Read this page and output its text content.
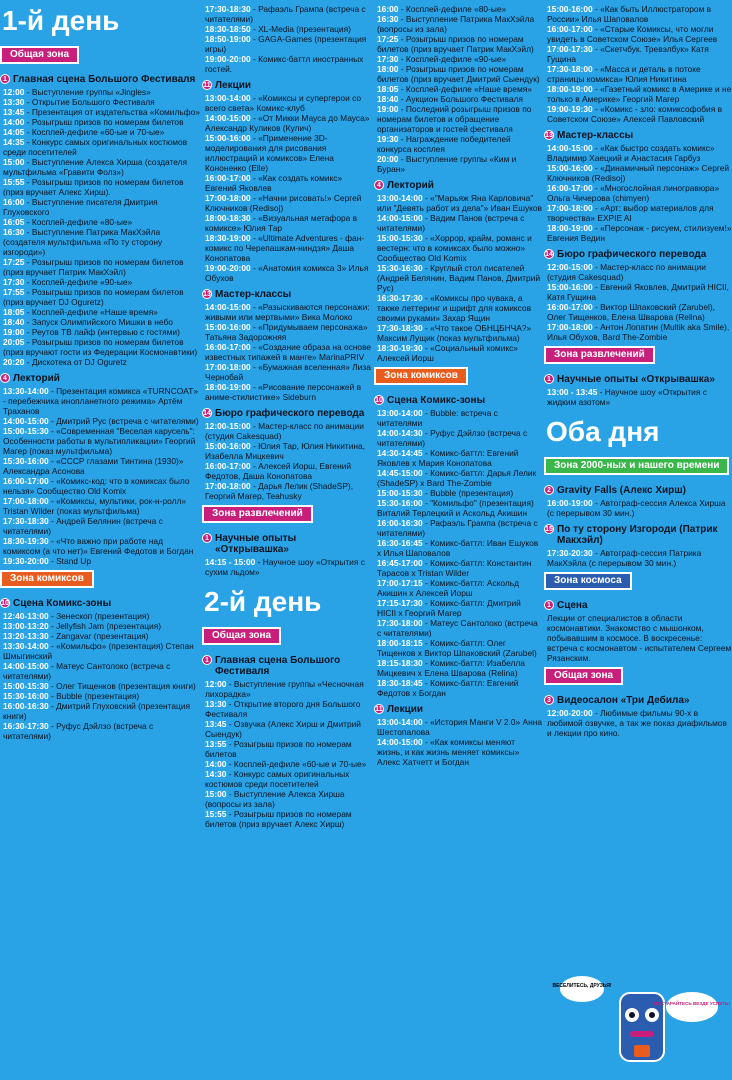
1-й день
Общая зона
1 Главная сцена Большого Фестиваля
12:00 - Выступление группы «Jingles»
13:30 - Открытие Большого Фестиваля
13:45 - Презентация от издательства «Комильфо»
14:00 - Розыгрыш призов по номерам билетов
14:05 - Косплей-дефиле «60-ые и 70-ые»
14:35 - Конкурс самых оригинальных костюмов среди посетителей
15:00 - Выступление Алекса Хирша (создателя мультфильма «Гравити Фолз»)
15:55 - Розыгрыш призов по номерам билетов (приз вручает Алекс Хирш).
16:00 - Выступление писателя Дмитрия Глуховского
16:05 - Косплей-дефиле «80-ые»
16:30 - Выступление Патрика МакХэйла (создателя мультфильма «По ту сторону изгороди»)
17:25 - Розыгрыш призов по номерам билетов (приз вручает Патрик МакХэйл)
17:30 - Косплей-дефиле «90-ые»
17:55 - Розыгрыш призов по номерам билетов (приз вручает DJ Oguretz)
18:05 - Косплей-дефиле «Наше время»
18:40 - Запуск Олимпийского Мишки в небо
19:00 - Реутов ТВ лайф (интервью с гостями)
20:05 - Розыгрыш призов по номерам билетов (приз вручают гости из Федерации Космонавтики)
20:20 - Дискотека от DJ Oguretz
4 Лекторий
13:30-14:00 - Презентация комикса «TURNCOAT» - перебежчика инопланетного режима» Артём Траханов
14:00-15:00 - Дмитрий Рус (встреча с читателями)
15:00-15:30 - «Современная "Веселая карусель": Особенности работы в мультипликации» Георгий Магер (показ мультфильма)
15:30-16:00 - «СССР глазами Тинтина (1930)» Александра Асонова
16:00-17:00 - «Комикс-код: что в комиксах было нельзя» Сообщество Old Komix
17:00-18:00 - «Комиксы, мультики, рок-н-ролл» Tristan Wilder (показ мультфильма)
17:30-18:30 - Андрей Белянин (встреча с читателями)
18:30-19:30 - «Что важно при работе над комиксом (а что нет)» Евгений Федотов и Богдан
19:30-20:00 - Stand Up
Зона комиксов
10 Сцена Комикс-зоны
12:40-13:00 - Зенескоп (презентация)
13:00-13:20 - Jellyfish Jam (презентация)
13:20-13:30 - Zangavar (презентация)
13:30-14:00 - «Комильфо» (презентация) Степан Шмыгинский
14:00-15:00 - Матеус Сантолоко (встреча с читателями)
15:00-15:30 - Олег Тищенков (презентация книги)
15:30-16:00 - Bubble (презентация)
16:00-16:30 - Дмитрий Глуховский (презентация книги)
16:30-17:30 - Руфус Дэйлзо (встреча с читателями)
17:30-18:30 - Рафаэль Грампа (встреча с читателями)
18:30-18:50 - XL-Media (презентация)
18:50-19:00 - GAGA-Games (презентация игры)
19:00-20:00 - Комикс-баттл иностранных гостей.
11 Лекции
13:00-14:00 - «Комиксы и супергерои со всего света» Комикс-клуб
14:00-15:00 - «От Микки Мауса до Мауса» Александр Куликов (Кулич)
15:00-16:00 - «Применение 3D-моделирования для рисования иллюстраций и комиксов» Елена Кононенко (Elle)
16:00-17:00 - «Как создать комикс» Евгений Яковлев
17:00-18:00 - «Начни рисовать!» Сергей Ключников (Redisoj)
18:00-18:30 - «Визуальная метафора в комиксе» Юлия Тар
18:30-19:00 - «Ultimate Adventures - фан-комикс по Черепашкам-ниндзя» Даша Конопатова
19:00-20:00 - «Анатомия комикса 3» Илья Обухов
13 Мастер-классы
14:00-15:00 - «Разыскиваются персонажи: живыми или мертвыми» Вика Молоко
15:00-16:00 - «Придумываем персонажа» Татьяна Задорожняя
16:00-17:00 - «Создание образа на основе известных типажей в манге» MarinaPRIV
17:00-18:00 - «Бумажная вселенная» Лиза Чернобай
18:00-19:00 - «Рисование персонажей в аниме-стилистике» Sideburn
14 Бюро графического перевода
12:00-15:00 - Мастер-класс по анимации (студия Cakesquad)
15:00-16:00 - Юлия Тар, Юлия Никитина, Изабелла Мицкевич
16:00-17:00 - Алексей Иорш, Евгений Федотов, Даша Конопатова
17:00-18:00 - Дарья Лелик (ShadeSP), Георгий Магер, Teahusky
Зона развлечений
1 Научные опыты «Открывашка»
14:15 - 15:00 - Научное шоу «Открытия с сухим льдом»
2-й день
Общая зона
1 Главная сцена Большого Фестиваля
12:00 - Выступление группы «Чесночная лихорадка»
13:30 - Открытие второго дня Большого Фестиваля
13:45 - Озвучка (Алекс Хирш и Дмитрий Сыендук)
13:55 - Розыгрыш призов по номерам билетов
14:00 - Косплей-дефиле «60-ые и 70-ые»
14:30 - Конкурс самых оригинальных костюмов среди посетителей
15:00 - Выступление Алекса Хирша (вопросы из зала)
15:55 - Розыгрыш призов по номерам билетов (приз вручает Алекс Хирш)
16:00 - Косплей-дефиле «80-ые»
16:30 - Выступление Патрика МакХэйла (вопросы из зала)
17:25 - Розыгрыш призов по номерам билетов (приз вручает Патрик МакХэйл)
17:30 - Косплей-дефиле «90-ые»
18:00 - Розыгрыш призов по номерам билетов (приз вручает Дмитрий Сыендук)
18:05 - Косплей-дефиле «Наше время»
18:40 - Аукцион Большого Фестиваля
19:00 - Последний розыгрыш призов по номерам билетов и обращение организаторов и гостей фестиваля
19:30 - Награждение победителей конкурса косплея
20:00 - Выступление группы «Ким и Буран»
4 Лекторий
13:00-14:00 - «"Марьяж Яна Карловича" или "Девять работ из делa"» Иван Ешуков
14:00-15:00 - Вадим Панов (встреча с читателями)
15:00-15:30 - «Хоррор, крайм, романс и вестерн: что в комиксах было можно» Сообщество Old Komix
15:30-16:30 - Круглый стол писателей (Андрей Белянин, Вадим Панов, Дмитрий Рус)
16:30-17:30 - «Комиксы про чувака, а также леттеринг и шрифт для комиксов своими руками» Захар Ящин
17:30-18:30 - «Что такое ОБНЦБНЧА?» Максим Лущик (показ мультфильма)
18:30-19:30 - «Социальный комикс» Алексей Иорш
Зона комиксов
10 Сцена Комикс-зоны
13:00-14:00 - Bubble: встреча с читателями
14:00-14:30 - Руфус Дэйлзо (встреча с читателями)
14:30-14:45 - Комикс-баттл: Евгений Яковлев x Мария Конопатова
14:45-15:00 - Комикс-баттл: Дарья Лелик (ShadeSP) x Bard The-Zombie
15:00-15:30 - Bubble (презентация)
15:30-16:00 - "Комильфо" (презентация) Виталий Терлецкий и Аскольд Акишин
16:00-16:30 - Рафаэль Грампа (встреча с читателями)
16:30-16:45 - Комикс-баттл: Иван Ешуков x Илья Шаповалов
16:45-17:00 - Комикс-баттл: Константин Тарасов x Tristan Wilder
17:00-17:15 - Комикс-баттл: Аскольд Акишин x Алексей Иорш
17:15-17:30 - Комикс-баттл: Дмитрий HICII x Георгий Магер
17:30-18:00 - Матеус Сантолоко (встреча с читателями)
18:00-18:15 - Комикс-баттл: Олег Тищенков x Виктор Шпаковский (Zarubel)
18:15-18:30 - Комикс-баттл: Изабелла Мицкевич x Елена Шварова (Relina)
18:30-18:45 - Комикс-баттл: Евгений Федотов x Богдан
11 Лекции
13:00-14:00 - «История Манги V 2.0» Анна Шестопалова
14:00-15:00 - «Как комиксы меняют жизнь, и как жизнь меняет комиксы» Алекс Хатчетт и Богдан
15:00-16:00 - «Как быть Иллюстратором в России» Илья Шаповалов
16:00-17:00 - «Старые Комиксы, что могли увидеть в Советском Союзе» Илья Сергеев
17:00-17:30 - «Скетчбук. Тревэлбук» Катя Гущина
17:30-18:00 - «Масса и деталь в потоке страницы комикса» Юлия Никитина
18:00-19:00 - «Газетный комикс в Америке и не только в Америке» Георгий Магер
19:00-19:30 - «Комикс - зло: комиксофобия в Советском Союзе» Алексей Павловский
13 Мастер-классы
14:00-15:00 - «Как быстро создать комикс» Владимир Хаецкий и Анастасия Гарбуз
15:00-16:00 - «Динамичный персонаж» Сергей Ключников (Redisoj)
16:00-17:00 - «Многослойная линогравюра» Ольга Чичерова (chimyen)
17:00-18:00 - «Арт: выбор материалов для творчества» EXPIE AI
18:00-19:00 - «Персонаж - рисуем, стилизуем!» Евгения Ведин
14 Бюро графического перевода
12:00-15:00 - Мастер-класс по анимации (студия Cakesquad)
15:00-16:00 - Евгений Яковлев, Дмитрий HICII, Катя Гущина
16:00-17:00 - Виктор Шпаковский (Zarubel), Олег Тищенков, Елена Шварова (Relina)
17:00-18:00 - Антон Лопатин (Multik aka Smile), Илья Обухов, Bard The-Zombie
Зона развлечений
1 Научные опыты «Открывашка»
13:00 - 13:45 - Научное шоу «Открытия с жидким азотом»
Оба дня
Зона 2000-ных и нашего времени
2 Gravity Falls (Алекс Хирш)
16:00-19:00 - Автограф-сессия Алекса Хирша (с перерывом 30 мин.)
15 По ту сторону Изгороди (Патрик Макхэйл)
17:30-20:30 - Автограф-сессия Патрика МакХэйла (с перерывом 30 мин.)
Зона космоса
1 Сцена
Лекции от специалистов в области космонавтики. Знакомство с мышонком, побывавшим в космосе. В воскресенье: встреча с космонавтом - испытателем Сергеем Рязанским.
Общая зона
3 Видеосалон «Три Дебила»
12:00-20:00 - Любимые фильмы 90-х в любимой озвучке, а так же показ диафильмов и лекции про кино.
ВЕСЕЛИТЕСЬ, ДРУЗЬЯ!
ПОСТАРАЙТЕСЬ ВЕЗДЕ УСПЕТЬ!
